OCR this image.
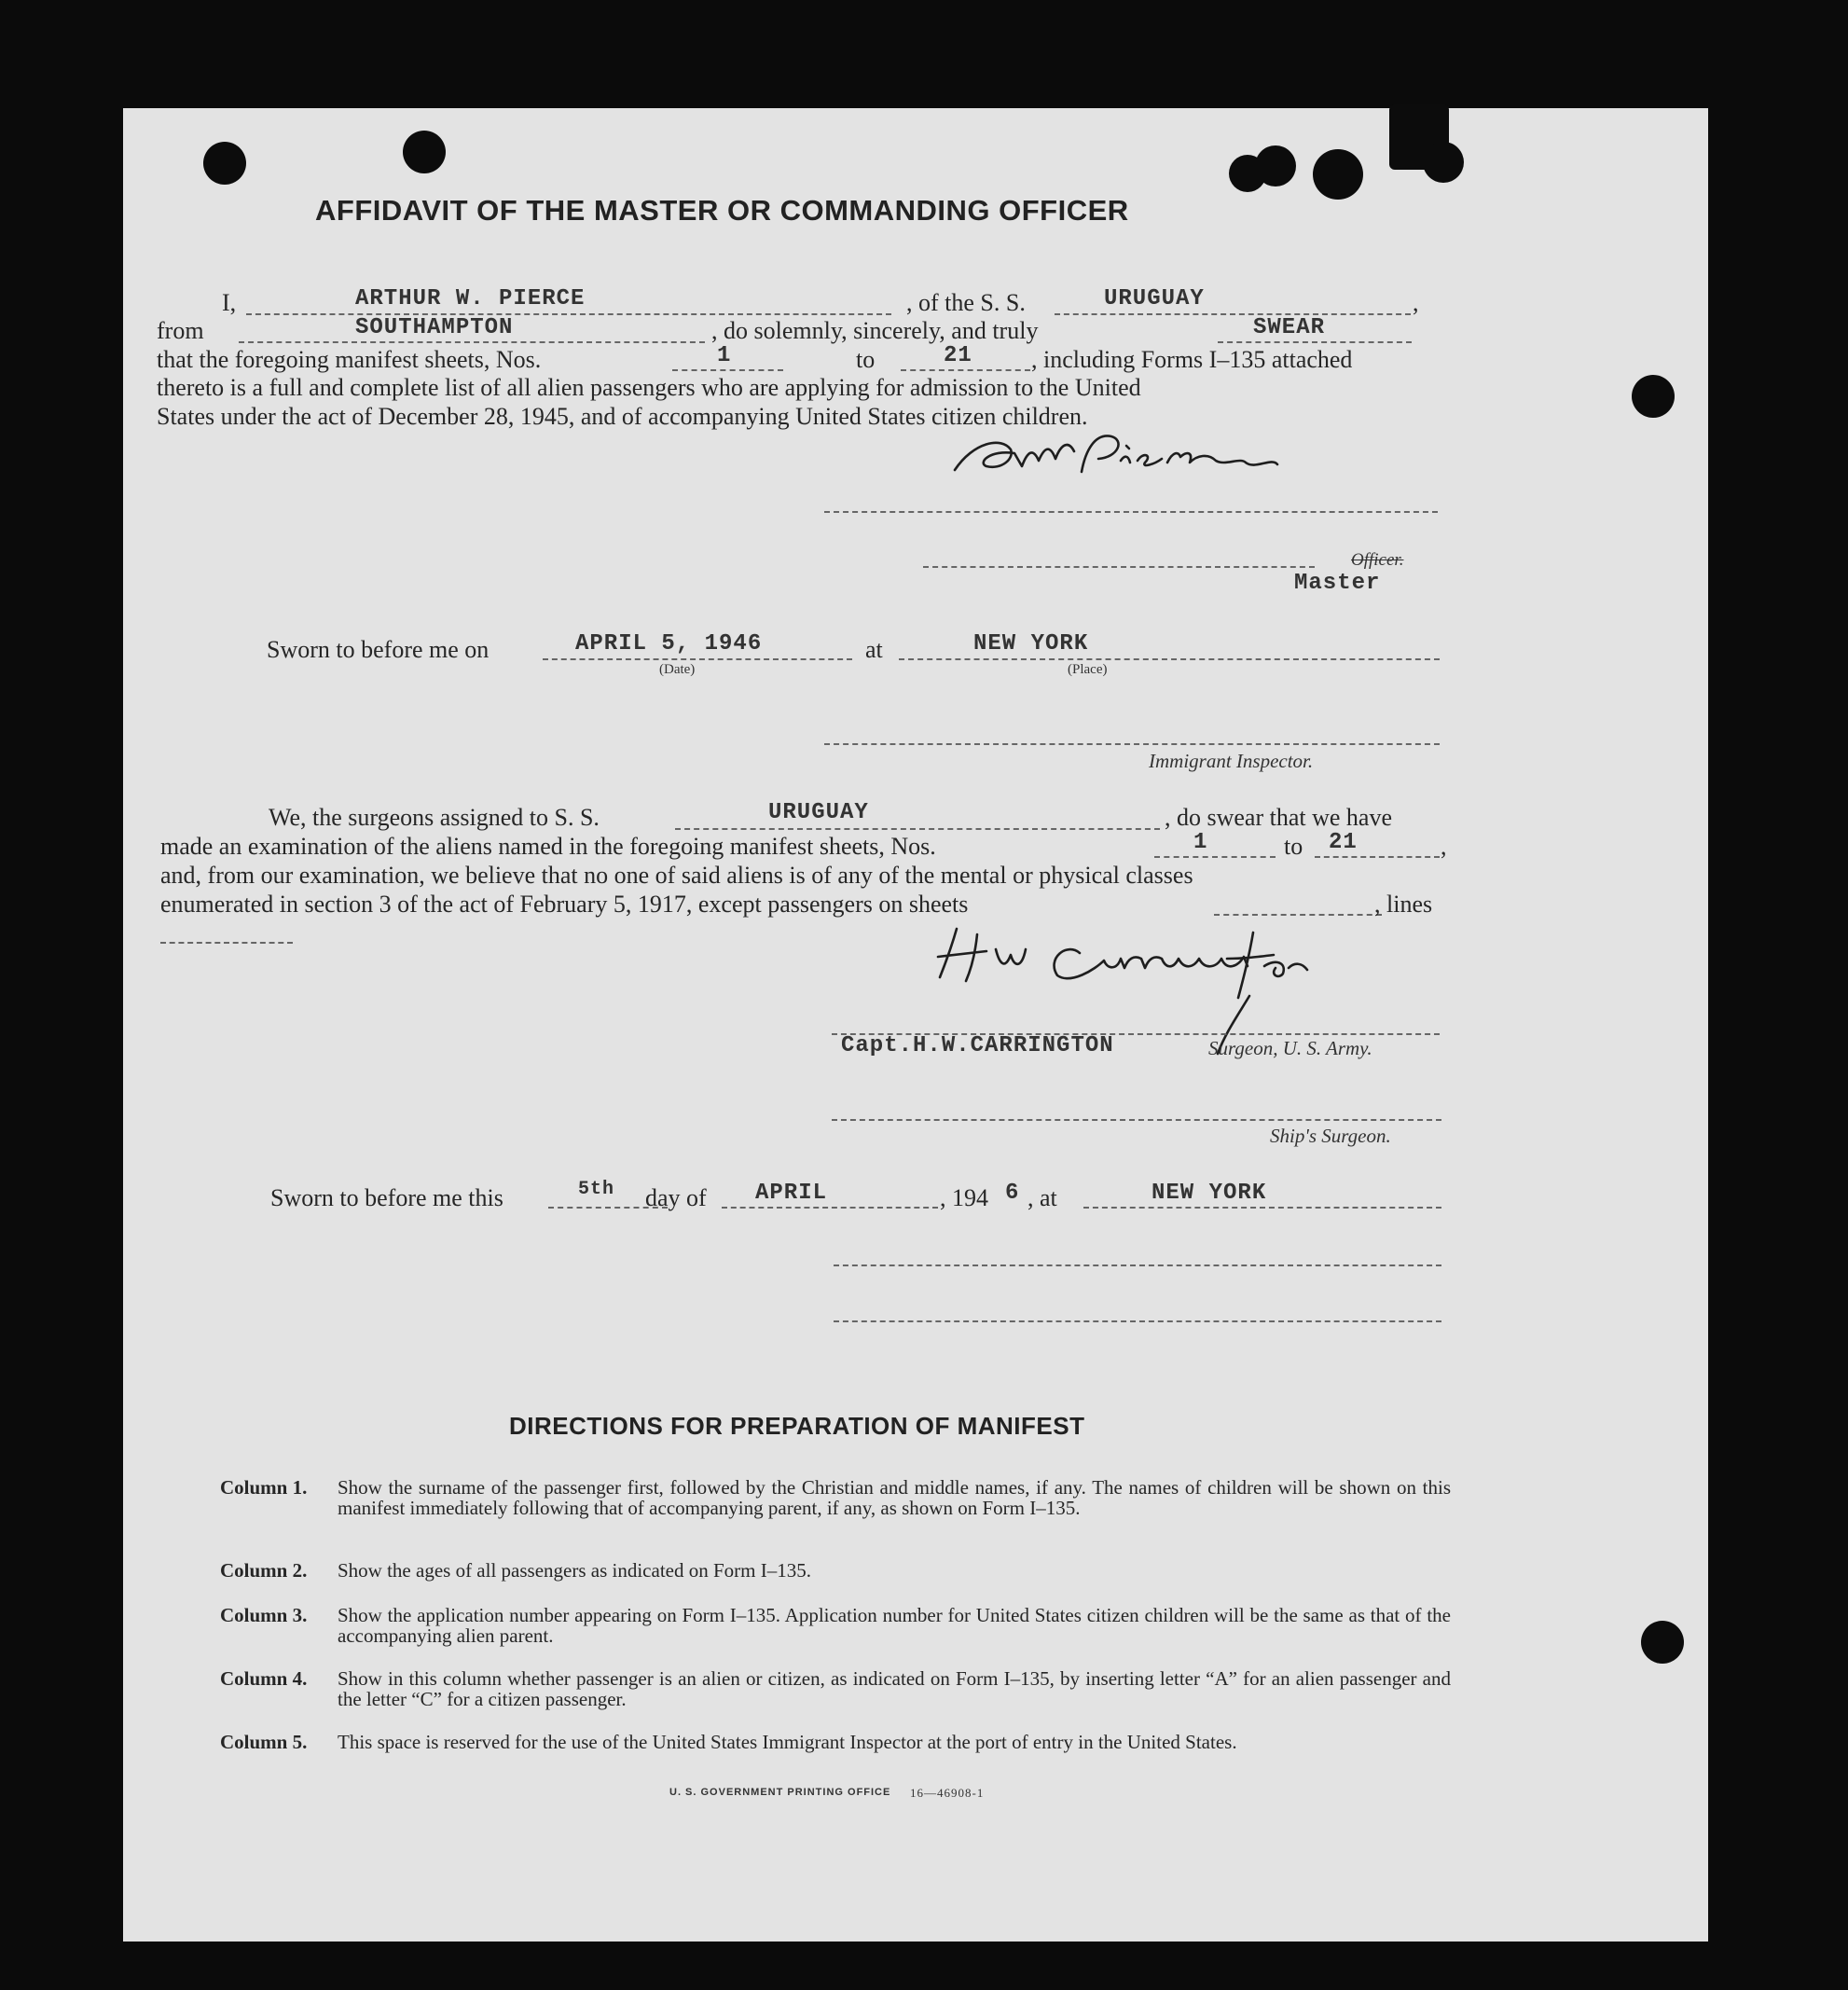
AFFIDAVIT OF THE MASTER OR COMMANDING OFFICER
I,	ARTHUR W. PIERCE	, of the S. S.	URUGUAY	,
from	SOUTHAMPTON	, do solemnly, sincerely, and truly	SWEAR
that the foregoing manifest sheets, Nos.	1	to	21 , including Forms I–135 attached
thereto is a full and complete list of all alien passengers who are applying for admission to the United
States under the act of December 28, 1945, and of accompanying United States citizen children.
Officer.
Master
Sworn to before me on	APRIL 5, 1946	at	NEW YORK
(Date)	(Place)
Immigrant Inspector.
We, the surgeons assigned to S. S.	URUGUAY	, do swear that we have
made an examination of the aliens named in the foregoing manifest sheets, Nos.	1	to 21	,
and, from our examination, we believe that no one of said aliens is of any of the mental or physical classes
enumerated in section 3 of the act of February 5, 1917, except passengers on sheets	, lines
Capt.H.W.CARRINGTON	Surgeon, U. S. Army.
Ship's Surgeon.
Sworn to before me this	5th day of APRIL	, 194 6 , at	NEW YORK
DIRECTIONS FOR PREPARATION OF MANIFEST
Column 1. Show the surname of the passenger first, followed by the Christian and middle names, if any. The names of children will be shown on this manifest immediately following that of accompanying parent, if any, as shown on Form I–135.
Column 2. Show the ages of all passengers as indicated on Form I–135.
Column 3. Show the application number appearing on Form I–135. Application number for United States citizen children will be the same as that of the accompanying alien parent.
Column 4. Show in this column whether passenger is an alien or citizen, as indicated on Form I–135, by inserting letter “A” for an alien passenger and the letter “C” for a citizen passenger.
Column 5. This space is reserved for the use of the United States Immigrant Inspector at the port of entry in the United States.
U. S. GOVERNMENT PRINTING OFFICE 16—46908-1
